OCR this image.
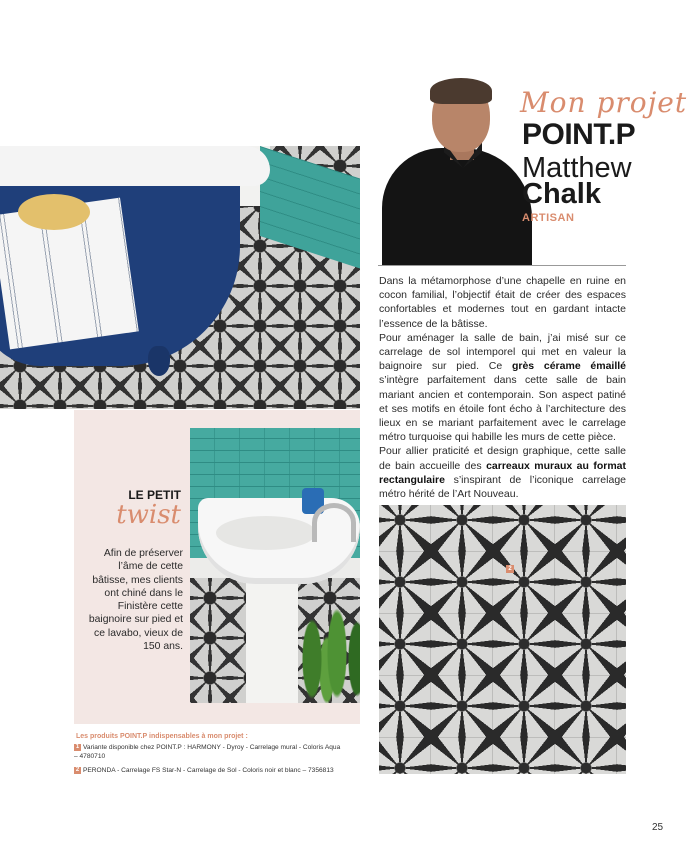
Mon projet
POINT.P
Matthew
Chalk
ARTISAN

Dans la métamorphose d’une chapelle en ruine en cocon familial, l’objectif était de créer des espaces confortables et modernes tout en gardant intacte l’essence de la bâtisse.

Pour aménager la salle de bain, j’ai misé sur ce carrelage de sol intemporel qui met en valeur la baignoire sur pied. Ce grès cérame émaillé s’intègre parfaitement dans cette salle de bain mariant ancien et contemporain. Son aspect patiné et ses motifs en étoile font écho à l’architecture des lieux en se mariant parfaitement avec le carrelage métro turquoise qui habille les murs de cette pièce.

Pour allier praticité et design graphique, cette salle de bain accueille des carreaux muraux au format rectangulaire s’inspirant de l’iconique carrelage métro hérité de l’Art Nouveau.

LE PETIT
twist
Afin de préserver l’âme de cette bâtisse, mes clients ont chiné dans le Finistère cette baignoire sur pied et ce lavabo, vieux de 150 ans.
Les produits POINT.P indispensables à mon projet :
1 Variante disponible chez POINT.P : HARMONY - Dyroy - Carrelage mural - Coloris Aqua – 4780710
2 PERONDA - Carrelage FS Star-N - Carrelage de Sol - Coloris noir et blanc – 7356813
2
25
